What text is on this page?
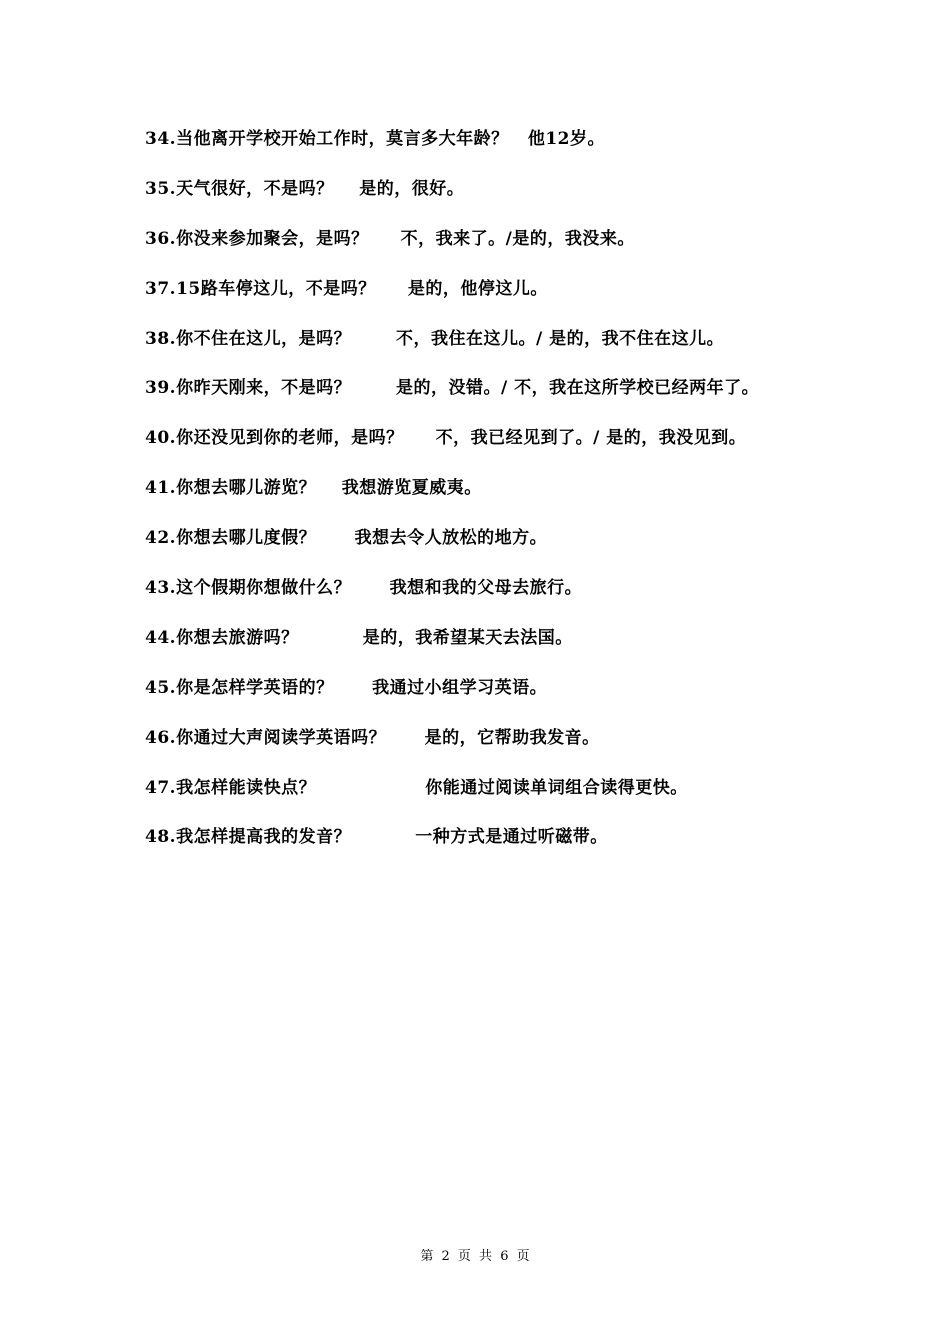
34.当他离开学校开始工作时，莫言多大年龄？ 他12岁。
35.天气很好，不是吗？ 是的，很好。
36.你没来参加聚会，是吗？ 不，我来了。/是的，我没来。
37.15路车停这儿，不是吗？ 是的，他停这儿。
38.你不住在这儿，是吗？	不，我住在这儿。/ 是的，我不住在这儿。
39.你昨天刚来，不是吗？	是的，没错。/ 不，我在这所学校已经两年了。
40.你还没见到你的老师，是吗？ 不，我已经见到了。/ 是的，我没见到。
41.你想去哪儿游览？ 我想游览夏威夷。
42.你想去哪儿度假？ 我想去令人放松的地方。
43.这个假期你想做什么？ 我想和我的父母去旅行。
44.你想去旅游吗？	是的，我希望某天去法国。
45.你是怎样学英语的？ 我通过小组学习英语。
46.你通过大声阅读学英语吗？ 是的，它帮助我发音。
47.我怎样能读快点？	你能通过阅读单词组合读得更快。
48.我怎样提高我的发音？	一种方式是通过听磁带。
第 2 页 共 6 页
